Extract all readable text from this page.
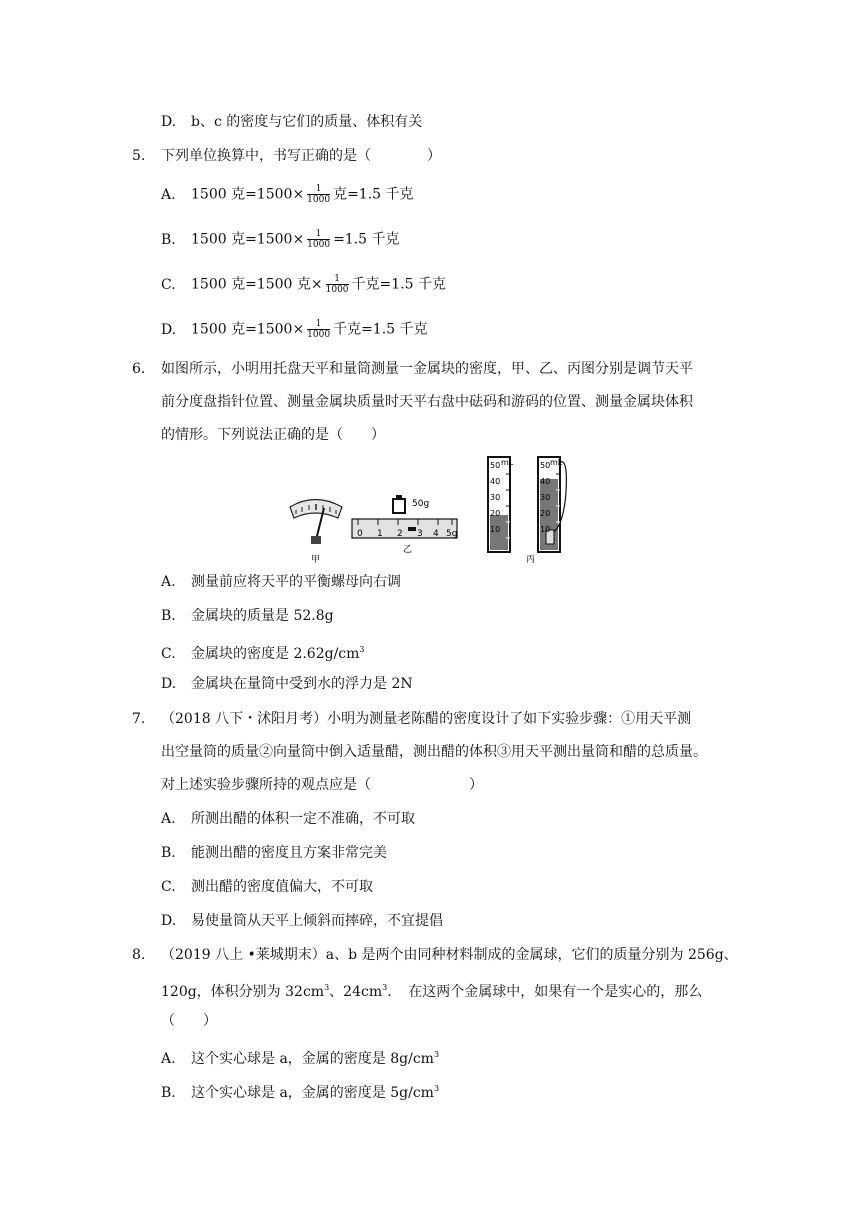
D. b、c 的密度与它们的质量、体积有关
5. 下列单位换算中，书写正确的是（　　　　）
A. 1500 克$=1500\times \frac{1}{1000}$ 克=1.5 千克
B. 1500 克$=1500\times \frac{1}{1000} =1.5$ 千克
C. 1500 克=1500 克× $\frac{1}{1000}$ 千克=1.5 千克
D. 1500 克$=1500\times \frac{1}{1000}$ 千克=1.5 千克
6. 如图所示，小明用托盘天平和量筒测量一金属块的密度，甲、乙、丙图分别是调节天平
前分度盘指针位置、测量金属块质量时天平右盘中砝码和游码的位置、测量金属块体积
的情形。下列说法正确的是（　　）
甲
50g
0 1 2 3 4 5g
乙
mL
50
40
30
20
10
mL
50
40
30
20
10
丙
A. 测量前应将天平的平衡螺母向右调
B. 金属块的质量是 52.8g
C. 金属块的密度是 $2.62g/cm^3$
D. 金属块在量筒中受到水的浮力是 2N
7. （2018 八下・沭阳月考）小明为测量老陈醋的密度设计了如下实验步骤：①用天平测
出空量筒的质量②向量筒中倒入适量醋，测出醋的体积③用天平测出量筒和醋的总质量。
对上述实验步骤所持的观点应是（　　　　　　　）
A. 所测出醋的体积一定不准确，不可取
B. 能测出醋的密度且方案非常完美
C. 测出醋的密度值偏大，不可取
D. 易使量筒从天平上倾斜而摔碎，不宜提倡
8. （2019 八上 •莱城期末）a、b 是两个由同种材料制成的金属球，它们的质量分别为 256g、
120g，体积分别为 $32cm^3$、$24cm^3$．　在这两个金属球中，如果有一个是实心的，那么
（　　）
A. 这个实心球是 a，金属的密度是 $8g/cm^3$
B. 这个实心球是 a，金属的密度是 $5g/cm^3$
